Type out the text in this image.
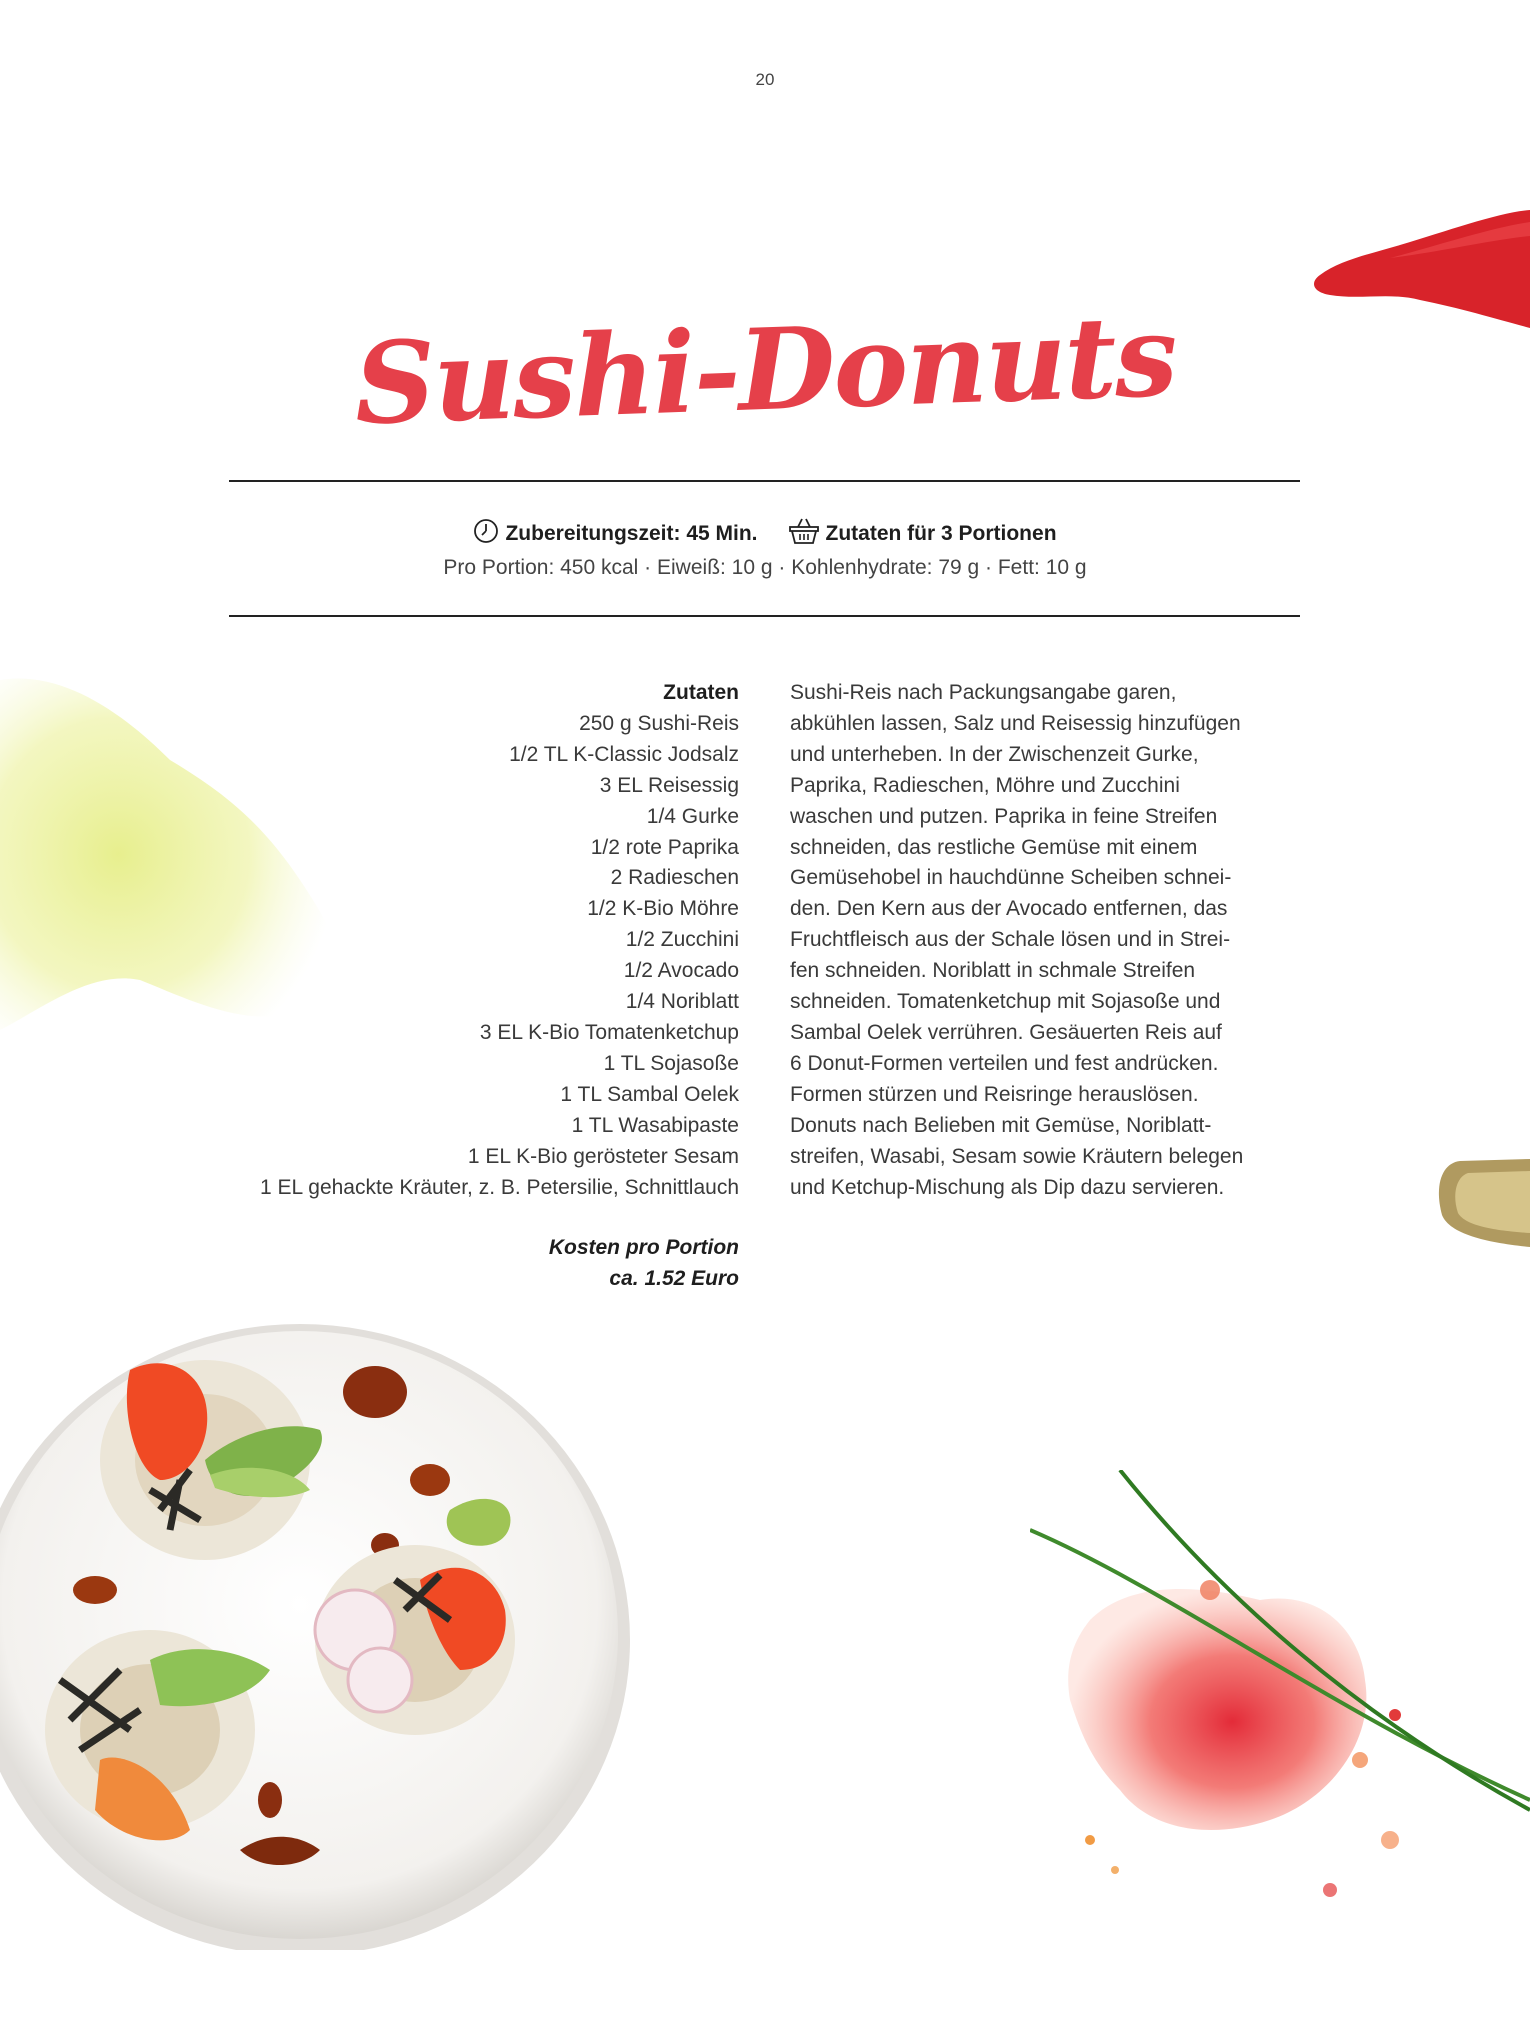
20
Sushi-Donuts
Zubereitungszeit: 45 Min.	Zutaten für 3 Portionen
Pro Portion: 450 kcal · Eiweiß: 10 g · Kohlenhydrate: 79 g · Fett: 10 g
Zutaten
250 g Sushi-Reis
1/2 TL K-Classic Jodsalz
3 EL Reisessig
1/4 Gurke
1/2 rote Paprika
2 Radieschen
1/2 K-Bio Möhre
1/2 Zucchini
1/2 Avocado
1/4 Noriblatt
3 EL K-Bio Tomatenketchup
1 TL Sojasoße
1 TL Sambal Oelek
1 TL Wasabipaste
1 EL K-Bio gerösteter Sesam
1 EL gehackte Kräuter, z. B. Petersilie, Schnittlauch
Kosten pro Portion
ca. 1.52 Euro
Sushi-Reis nach Packungsangabe garen,
abkühlen lassen, Salz und Reisessig hinzufügen
und unterheben. In der Zwischenzeit Gurke,
Paprika, Radieschen, Möhre und Zucchini
waschen und putzen. Paprika in feine Streifen
schneiden, das restliche Gemüse mit einem
Gemüsehobel in hauchdünne Scheiben schnei-
den. Den Kern aus der Avocado entfernen, das
Fruchtfleisch aus der Schale lösen und in Strei-
fen schneiden. Noriblatt in schmale Streifen
schneiden. Tomatenketchup mit Sojasoße und
Sambal Oelek verrühren. Gesäuerten Reis auf
6 Donut-Formen verteilen und fest andrücken.
Formen stürzen und Reisringe herauslösen.
Donuts nach Belieben mit Gemüse, Noriblatt-
streifen, Wasabi, Sesam sowie Kräutern belegen
und Ketchup-Mischung als Dip dazu servieren.
